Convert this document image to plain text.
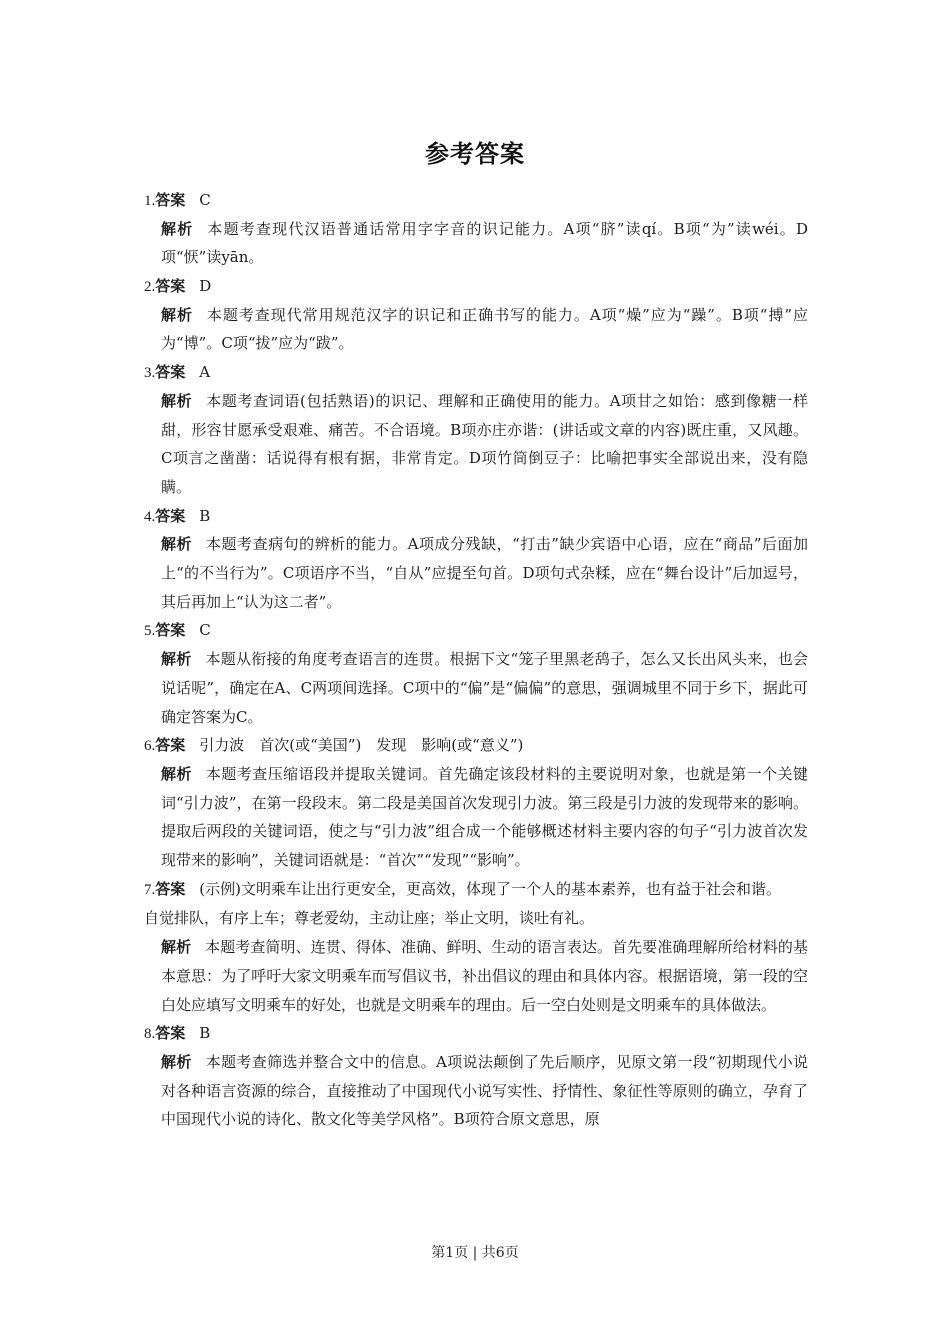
参考答案
1.答案 C
解析 本题考查现代汉语普通话常用字字音的识记能力。A项“脐”读qí。B项“为”读wéi。D项“恹”读yān。
2.答案 D
解析 本题考查现代常用规范汉字的识记和正确书写的能力。A项“燥”应为“躁”。B项“搏”应为“博”。C项“拔”应为“跋”。
3.答案 A
解析 本题考查词语(包括熟语)的识记、理解和正确使用的能力。A项甘之如饴：感到像糖一样甜，形容甘愿承受艰难、痛苦。不合语境。B项亦庄亦谐：(讲话或文章的内容)既庄重，又风趣。C项言之凿凿：话说得有根有据，非常肯定。D项竹筒倒豆子：比喻把事实全部说出来，没有隐瞒。
4.答案 B
解析 本题考查病句的辨析的能力。A项成分残缺，“打击”缺少宾语中心语，应在“商品”后面加上“的不当行为”。C项语序不当，“自从”应提至句首。D项句式杂糅，应在“舞台设计”后加逗号，其后再加上“认为这二者”。
5.答案 C
解析 本题从衔接的角度考查语言的连贯。根据下文“笼子里黑老鸹子，怎么又长出风头来，也会说话呢”，确定在A、C两项间选择。C项中的“偏”是“偏偏”的意思，强调城里不同于乡下，据此可确定答案为C。
6.答案 引力波　首次(或“美国”)　发现　影响(或“意义”)
解析 本题考查压缩语段并提取关键词。首先确定该段材料的主要说明对象，也就是第一个关键词“引力波”，在第一段段末。第二段是美国首次发现引力波。第三段是引力波的发现带来的影响。提取后两段的关键词语，使之与“引力波”组合成一个能够概述材料主要内容的句子“引力波首次发现带来的影响”，关键词语就是：“首次”“发现”“影响”。
7.答案 (示例)文明乘车让出行更安全，更高效，体现了一个人的基本素养，也有益于社会和谐。
自觉排队，有序上车；尊老爱幼，主动让座；举止文明，谈吐有礼。
解析 本题考查简明、连贯、得体、准确、鲜明、生动的语言表达。首先要准确理解所给材料的基本意思：为了呼吁大家文明乘车而写倡议书，补出倡议的理由和具体内容。根据语境，第一段的空白处应填写文明乘车的好处，也就是文明乘车的理由。后一空白处则是文明乘车的具体做法。
8.答案 B
解析 本题考查筛选并整合文中的信息。A项说法颠倒了先后顺序，见原文第一段“初期现代小说对各种语言资源的综合，直接推动了中国现代小说写实性、抒情性、象征性等原则的确立，孕育了中国现代小说的诗化、散文化等美学风格”。B项符合原文意思，原
第1页 | 共6页
